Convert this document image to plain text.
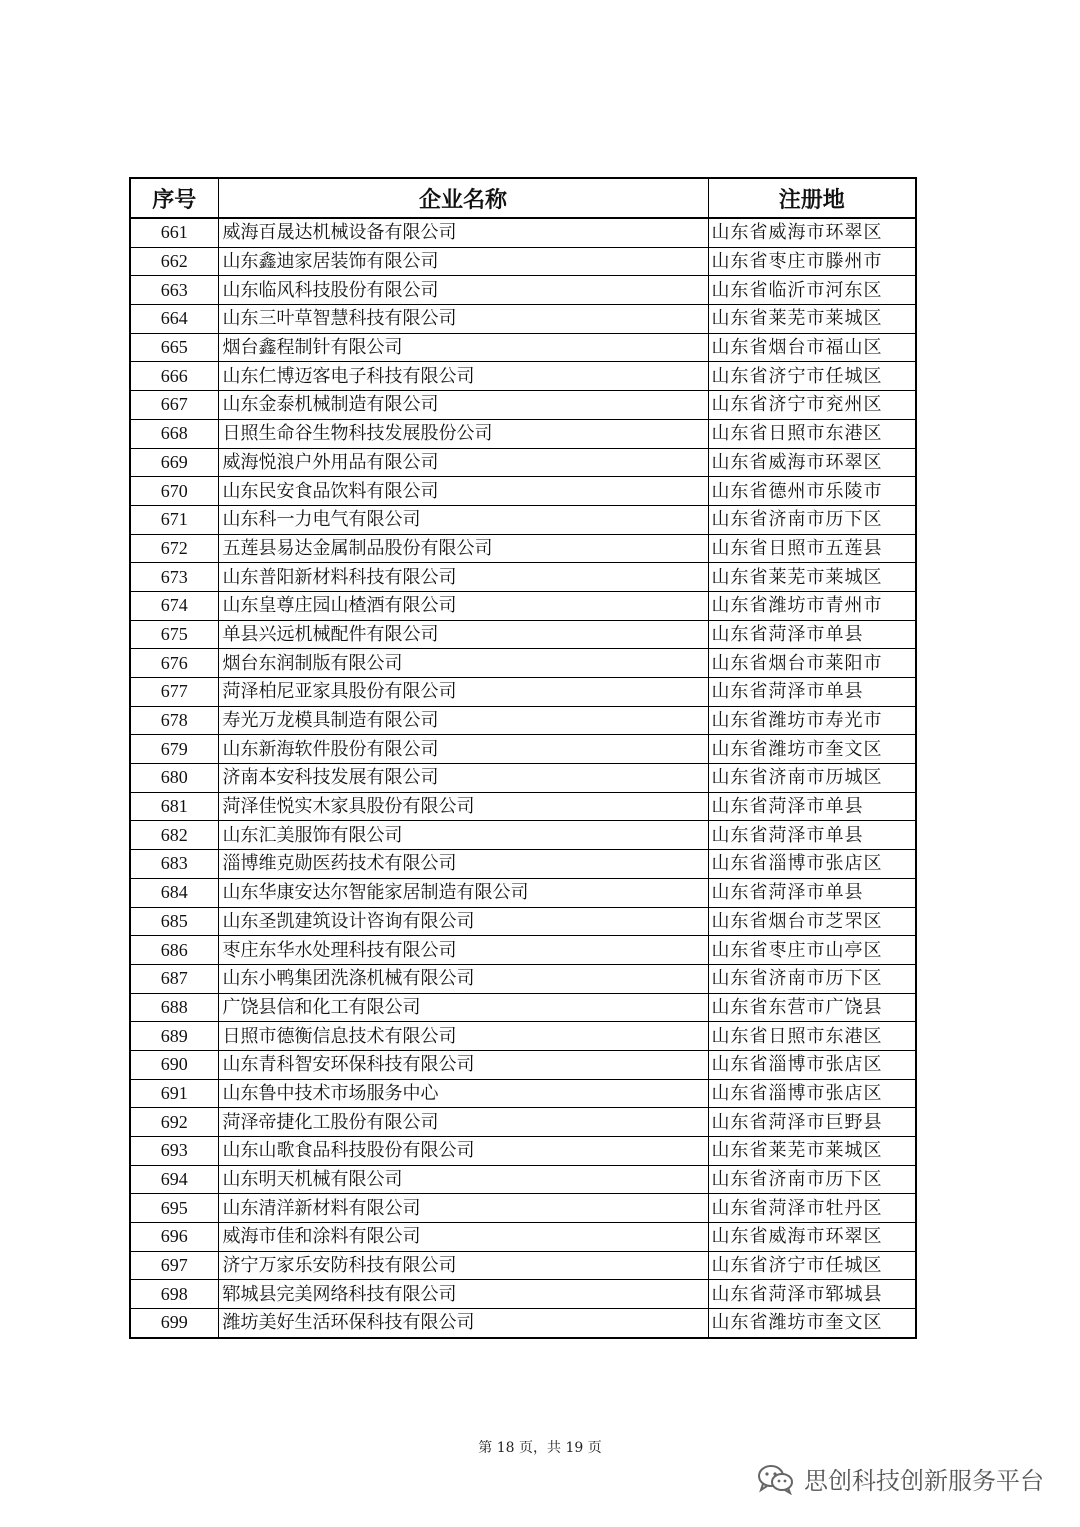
序号	企业名称	注册地
661	威海百晟达机械设备有限公司	山东省威海市环翠区
662	山东鑫迪家居装饰有限公司	山东省枣庄市滕州市
663	山东临风科技股份有限公司	山东省临沂市河东区
664	山东三叶草智慧科技有限公司	山东省莱芜市莱城区
665	烟台鑫程制针有限公司	山东省烟台市福山区
666	山东仁博迈客电子科技有限公司	山东省济宁市任城区
667	山东金泰机械制造有限公司	山东省济宁市兖州区
668	日照生命谷生物科技发展股份公司	山东省日照市东港区
669	威海悦浪户外用品有限公司	山东省威海市环翠区
670	山东民安食品饮料有限公司	山东省德州市乐陵市
671	山东科一力电气有限公司	山东省济南市历下区
672	五莲县易达金属制品股份有限公司	山东省日照市五莲县
673	山东普阳新材料科技有限公司	山东省莱芜市莱城区
674	山东皇尊庄园山楂酒有限公司	山东省潍坊市青州市
675	单县兴远机械配件有限公司	山东省菏泽市单县
676	烟台东润制版有限公司	山东省烟台市莱阳市
677	菏泽柏尼亚家具股份有限公司	山东省菏泽市单县
678	寿光万龙模具制造有限公司	山东省潍坊市寿光市
679	山东新海软件股份有限公司	山东省潍坊市奎文区
680	济南本安科技发展有限公司	山东省济南市历城区
681	菏泽佳悦实木家具股份有限公司	山东省菏泽市单县
682	山东汇美服饰有限公司	山东省菏泽市单县
683	淄博维克勋医药技术有限公司	山东省淄博市张店区
684	山东华康安达尔智能家居制造有限公司	山东省菏泽市单县
685	山东圣凯建筑设计咨询有限公司	山东省烟台市芝罘区
686	枣庄东华水处理科技有限公司	山东省枣庄市山亭区
687	山东小鸭集团洗涤机械有限公司	山东省济南市历下区
688	广饶县信和化工有限公司	山东省东营市广饶县
689	日照市德衡信息技术有限公司	山东省日照市东港区
690	山东青科智安环保科技有限公司	山东省淄博市张店区
691	山东鲁中技术市场服务中心	山东省淄博市张店区
692	菏泽帝捷化工股份有限公司	山东省菏泽市巨野县
693	山东山歌食品科技股份有限公司	山东省莱芜市莱城区
694	山东明天机械有限公司	山东省济南市历下区
695	山东清洋新材料有限公司	山东省菏泽市牡丹区
696	威海市佳和涂料有限公司	山东省威海市环翠区
697	济宁万家乐安防科技有限公司	山东省济宁市任城区
698	郓城县完美网络科技有限公司	山东省菏泽市郓城县
699	潍坊美好生活环保科技有限公司	山东省潍坊市奎文区
第 18 页，共 19 页
思创科技创新服务平台
